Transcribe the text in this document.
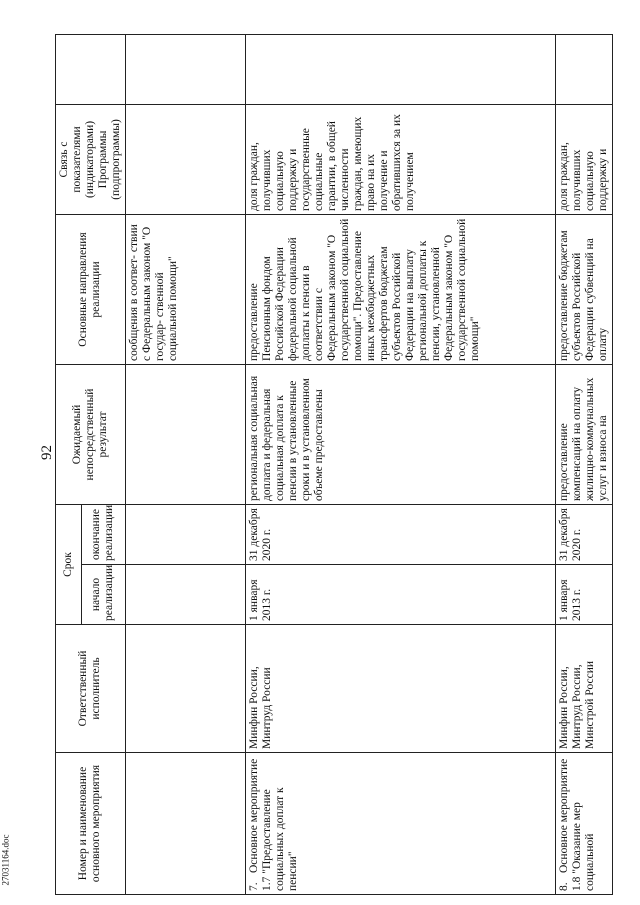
92
27031164.doc	Номер и наименование основного мероприятия	Ответственный исполнитель	Срок		Ожидаемый непосредственный результат	Основные направления реализации	Связь с показателями (индикаторами) Программы (подпрограммы)	
		начало реализации	окончание реализации				
					сообщения в соответ- ствии с Федеральным законом "О государ- ственной социальной помощи"		
7.Основное мероприятие 1.7 "Предоставление социальных доплат к пенсии"	Минфин России, Минтруд России	1 января 2013 г.	31 декабря 2020 г.	региональная социальная доплата и федеральная социальная доплата к пенсии в установленные сроки и в установленном объеме предоставлены	предоставление Пенсионным фондом Российской Федерации федеральной социальной доплаты к пенсии в соответствии с Федеральным законом "О государственной социальной помощи". Предоставление иных межбюджетных трансфертов бюджетам субъектов Российской Федерации на выплату региональной доплаты к пенсии, установленной Федеральным законом "О государственной социальной помощи"	доля граждан, получивших социальную поддержку и государственные социальные гарантии, в общей численности граждан, имеющих право на их получение и обратившихся за их получением	
8.Основное мероприятие 1.8 "Оказание мер социальной	Минфин России, Минтруд России, Минстрой России	1 января 2013 г.	31 декабря 2020 г.	предоставление компенсаций на оплату жилищно-коммунальных услуг и взноса на	предоставление бюджетам субъектов Российской Федерации субвенций на оплату	доля граждан, получивших социальную поддержку и	
